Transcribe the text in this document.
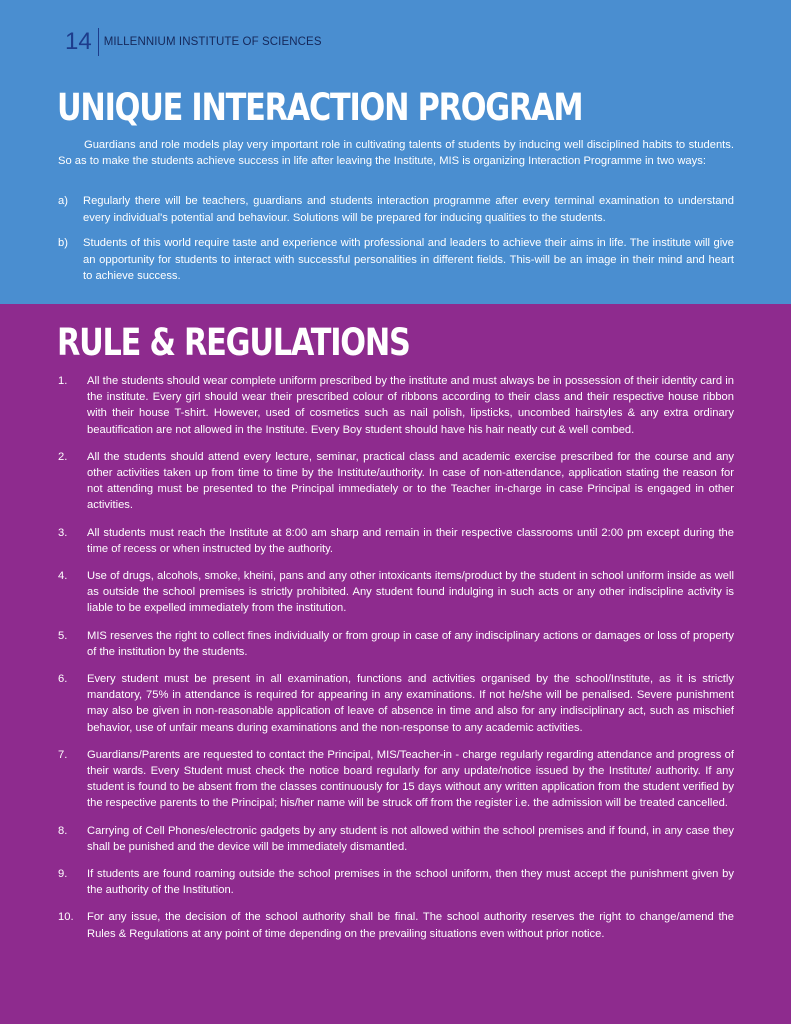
14	MILLENNIUM INSTITUTE OF SCIENCES
UNIQUE INTERACTION PROGRAM

Guardians and role models play very important role in cultivating talents of students by inducing well disciplined habits to students. So as to make the students achieve success in life after leaving the Institute, MIS is organizing Interaction Programme in two ways:

a)	Regularly there will be teachers, guardians and students interaction programme after every terminal examination to understand every individual's potential and behaviour. Solutions will be prepared for inducing qualities to the students.
b)	Students of this world require taste and experience with professional and leaders to achieve their aims in life. The institute will give an opportunity for students to interact with successful personalities in different fields. This-will be an image in their mind and heart to achieve success.
RULE & REGULATIONS
1.	All the students should wear complete uniform prescribed by the institute and must always be in possession of their identity card in the institute. Every girl should wear their prescribed colour of ribbons according to their class and their respective house ribbon with their house T-shirt. However, used of cosmetics such as nail polish, lipsticks, uncombed hairstyles & any extra ordinary beautification are not allowed in the Institute. Every Boy student should have his hair neatly cut & well combed.
2.	All the students should attend every lecture, seminar, practical class and academic exercise prescribed for the course and any other activities taken up from time to time by the Institute/authority. In case of non-attendance, application stating the reason for not attending must be presented to the Principal immediately or to the Teacher in-charge in case Principal is engaged in other activities.
3.	All students must reach the Institute at 8:00 am sharp and remain in their respective classrooms until 2:00 pm except during the time of recess or when instructed by the authority.
4.	Use of drugs, alcohols, smoke, kheini, pans and any other intoxicants items/product by the student in school uniform inside as well as outside the school premises is strictly prohibited. Any student found indulging in such acts or any other indiscipline activity is liable to be expelled immediately from the institution.
5.	MIS reserves the right to collect fines individually or from group in case of any indisciplinary actions or damages or loss of property of the institution by the students.
6.	Every student must be present in all examination, functions and activities organised by the school/Institute, as it is strictly mandatory, 75% in attendance is required for appearing in any examinations. If not he/she will be penalised. Severe punishment may also be given in non-reasonable application of leave of absence in time and also for any indisciplinary act, such as mischief behavior, use of unfair means during examinations and the non-response to any academic activities.
7.	Guardians/Parents are requested to contact the Principal, MIS/Teacher-in - charge regularly regarding attendance and progress of their wards. Every Student must check the notice board regularly for any update/notice issued by the Institute/ authority. If any student is found to be absent from the classes continuously for 15 days without any written application from the student verified by the respective parents to the Principal; his/her name will be struck off from the register i.e. the admission will be treated cancelled.
8.	Carrying of Cell Phones/electronic gadgets by any student is not allowed within the school premises and if found, in any case they shall be punished and the device will be immediately dismantled.
9.	If students are found roaming outside the school premises in the school uniform, then they must accept the punishment given by the authority of the Institution.
10.	For any issue, the decision of the school authority shall be final. The school authority reserves the right to change/amend the Rules & Regulations at any point of time depending on the prevailing situations even without prior notice.
